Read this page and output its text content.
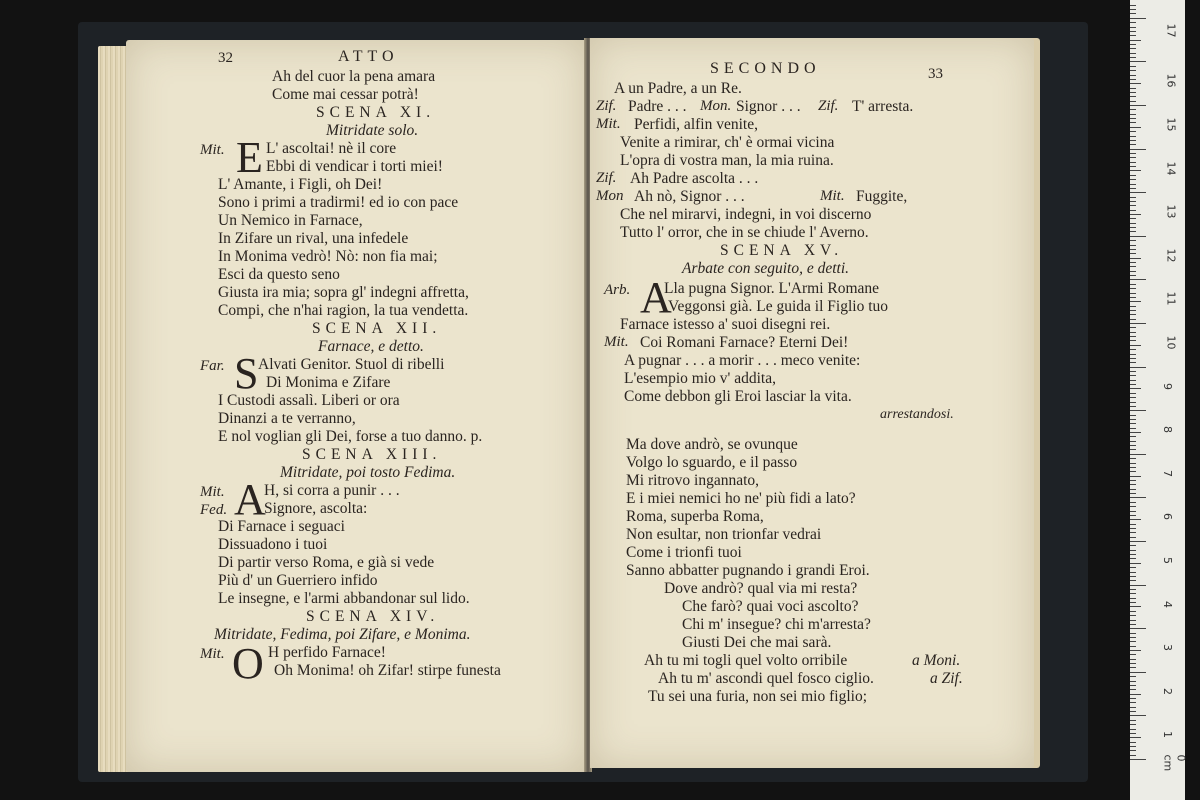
32	ATTO
Ah del cuor la pena amara
Come mai cessar potrà!
SCENA XI.
Mitridate solo.
Mit. E L' ascoltai! nè il core
Ebbi di vendicar i torti miei!
L' Amante, i Figli, oh Dei!
Sono i primi a tradirmi! ed io con pace
Un Nemico in Farnace,
In Zifare un rival, una infedele
In Monima vedrò! Nò: non fia mai;
Esci da questo seno
Giusta ira mia; sopra gl' indegni affretta,
Compi, che n'hai ragion, la tua vendetta.
SCENA XII.
Farnace, e detto.
Far. S Alvati Genitor. Stuol di ribelli
Di Monima e Zifare
I Custodi assalì. Liberi or ora
Dinanzi a te verranno,
E nol voglian gli Dei, forse a tuo danno. p.
SCENA XIII.
Mitridate, poi tosto Fedima.
Mit.
Fed. A
H, si corra a punir . . .
Signore, ascolta:
Di Farnace i seguaci
Dissuadono i tuoi
Di partir verso Roma, e già si vede
Più d' un Guerriero infido
Le insegne, e l'armi abbandonar sul lido.
SCENA XIV.
Mitridate, Fedima, poi Zifare, e Monima.
Mit. O H perfido Farnace!
Oh Monima! oh Zifar! stirpe funesta
SECONDO	33
A un Padre, a un Re.
Zif. Padre . . . Mon. Signor . . . Zif. T' arresta.
Mit. Perfidi, alfin venite,
Venite a rimirar, ch' è ormai vicina
L'opra di vostra man, la mia ruina.
Zif. Ah Padre ascolta . . .
Mon Ah nò, Signor . . .	Mit. Fuggite,
Che nel mirarvi, indegni, in voi discerno
Tutto l' orror, che in se chiude l' Averno.
SCENA XV.
Arbate con seguito, e detti.
Arb. A
Lla pugna Signor. L'Armi Romane
Veggonsi già. Le guida il Figlio tuo
Farnace istesso a' suoi disegni rei.
Mit. Coi Romani Farnace? Eterni Dei!
A pugnar . . . a morir . . . meco venite:
L'esempio mio v' addita,
Come debbon gli Eroi lasciar la vita.
arrestandosi.
Ma dove andrò, se ovunque
Volgo lo sguardo, e il passo
Mi ritrovo ingannato,
E i miei nemici ho ne' più fidi a lato?
Roma, superba Roma,
Non esultar, non trionfar vedrai
Come i trionfi tuoi
Sanno abbatter pugnando i grandi Eroi.
Dove andrò? qual via mi resta?
Che farò? quai voci ascolto?
Chi m' insegue? chi m'arresta?
Giusti Dei che mai sarà.
Ah tu mi togli quel volto orribile	a Moni.
Ah tu m' ascondi quel fosco ciglio.	a Zif.
Tu sei una furia, non sei mio figlio;
0 cm
1
2
3
4
5
6
7
8
9
10
11
12
13
14
15
16
17
